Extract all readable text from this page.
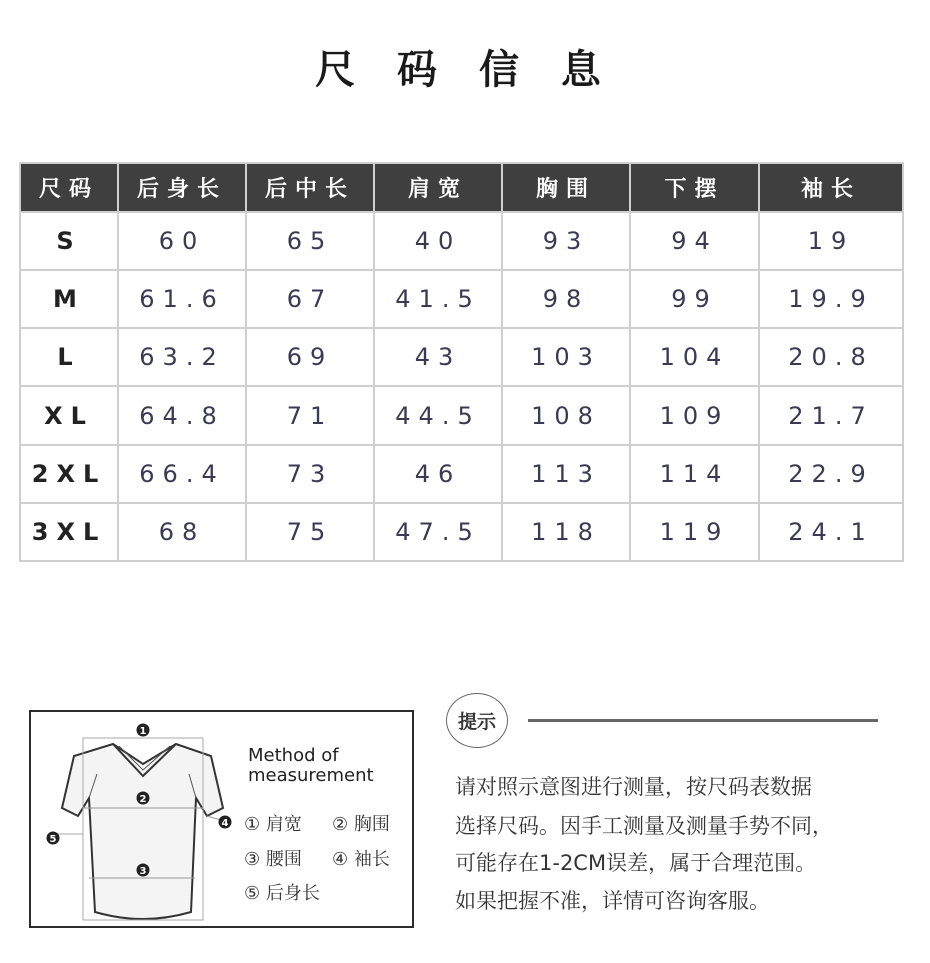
尺 码 信 息
尺码	后身长	后中长	肩宽	胸围	下摆	袖长
S	60	65	40	93	94	19
M	61.6	67	41.5	98	99	19.9
L	63.2	69	43	103	104	20.8
XL	64.8	71	44.5	108	109	21.7
2XL	66.4	73	46	113	114	22.9
3XL	68	75	47.5	118	119	24.1
1
2
3
4
5
Method of
measurement
① 肩宽 ② 胸围
③ 腰围 ④ 袖长
⑤ 后身长
提示
请对照示意图进行测量，按尺码表数据
选择尺码。因手工测量及测量手势不同，
可能存在1-2CM误差，属于合理范围。
如果把握不准，详情可咨询客服。
